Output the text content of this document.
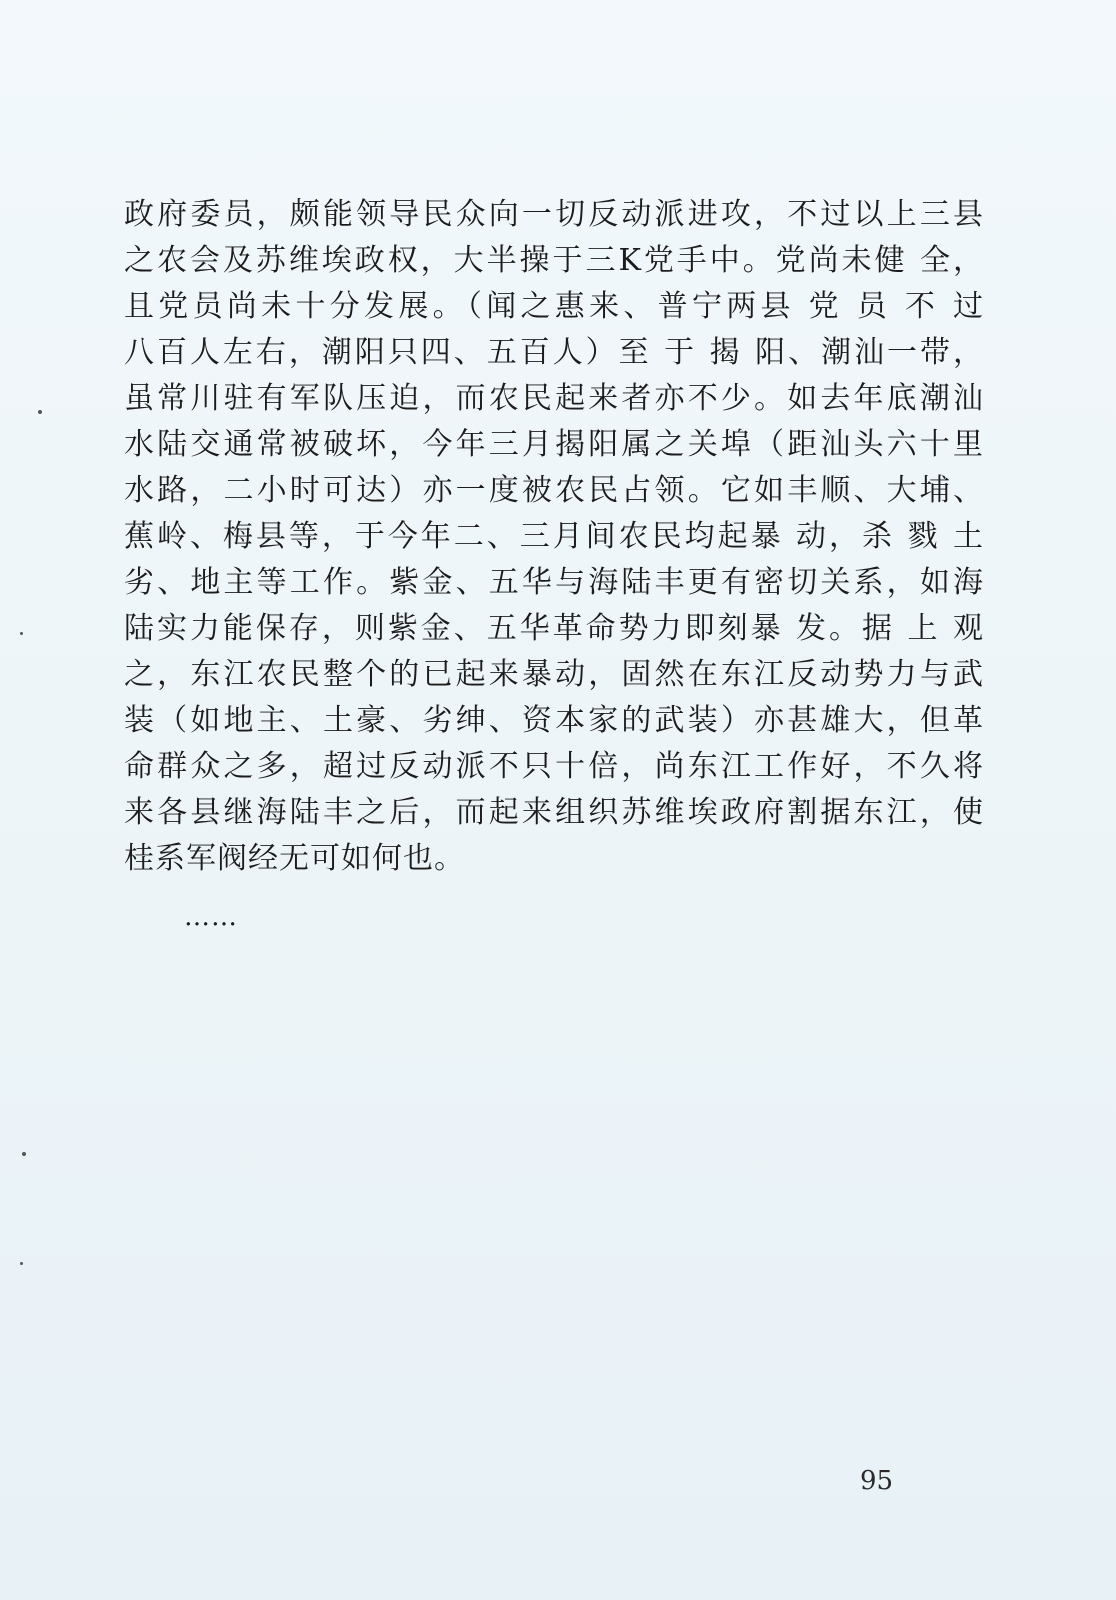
政府委员，颇能领导民众向一切反动派进攻，不过以上三县
之农会及苏维埃政权，大半操于三K党手中。党尚未健 全，
且党员尚未十分发展。（闻之惠来、普宁两县 党 员 不 过
八百人左右，潮阳只四、五百人）至 于 揭 阳、潮汕一带，
虽常川驻有军队压迫，而农民起来者亦不少。如去年底潮汕
水陆交通常被破坏，今年三月揭阳属之关埠（距汕头六十里
水路，二小时可达）亦一度被农民占领。它如丰顺、大埔、
蕉岭、梅县等，于今年二、三月间农民均起暴 动，杀 戮 土
劣、地主等工作。紫金、五华与海陆丰更有密切关系，如海
陆实力能保存，则紫金、五华革命势力即刻暴 发。据 上 观
之，东江农民整个的已起来暴动，固然在东江反动势力与武
装（如地主、土豪、劣绅、资本家的武装）亦甚雄大，但革
命群众之多，超过反动派不只十倍，尚东江工作好，不久将
来各县继海陆丰之后，而起来组织苏维埃政府割据东江，使
桂系军阀经无可如何也。
……
95
